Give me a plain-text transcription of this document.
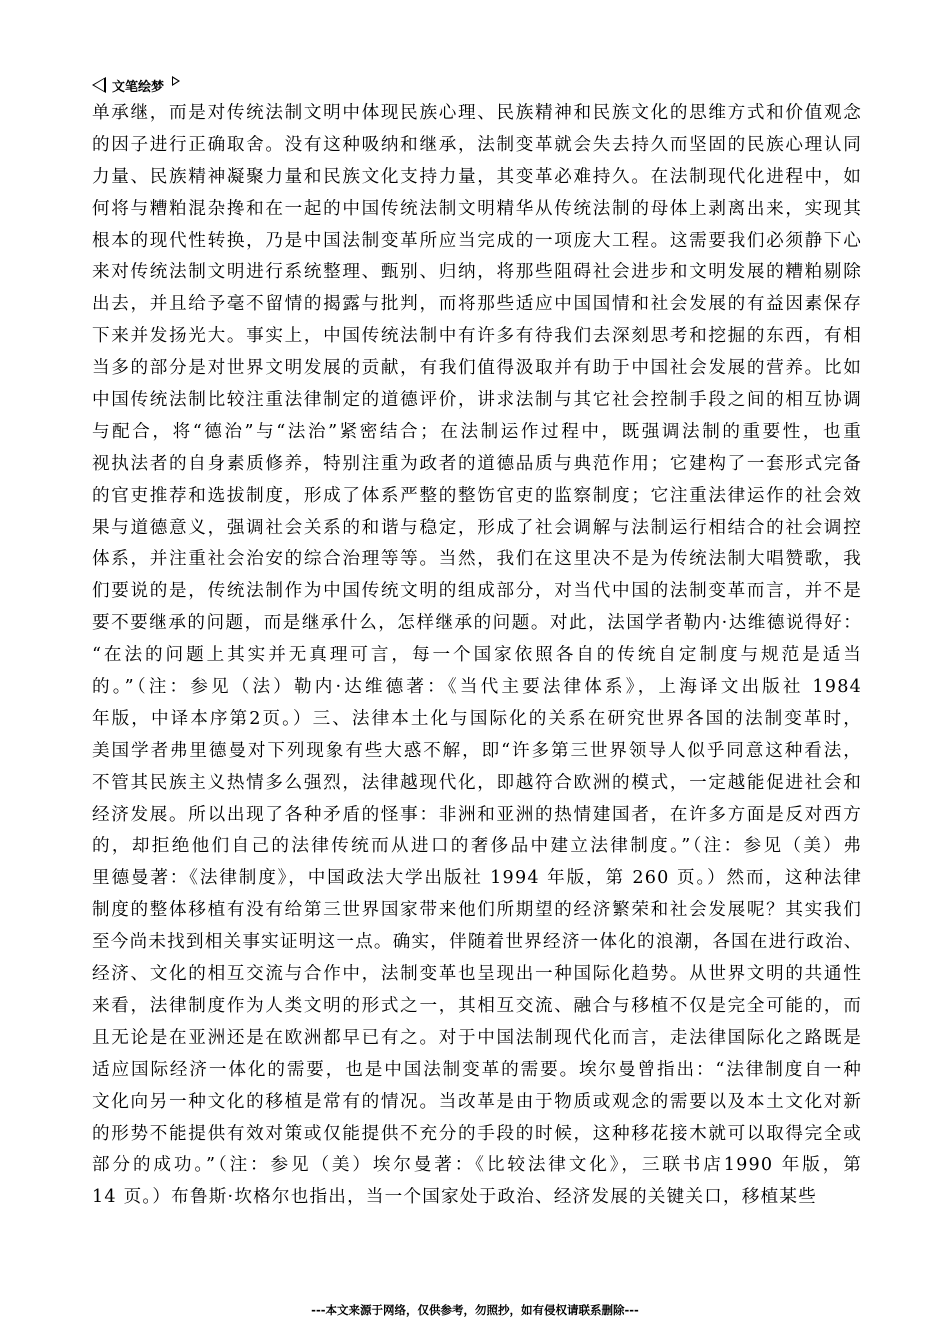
文笔绘梦
单承继，而是对传统法制文明中体现民族心理、民族精神和民族文化的思维方式和价值观念
的因子进行正确取舍。没有这种吸纳和继承，法制变革就会失去持久而坚固的民族心理认同
力量、民族精神凝聚力量和民族文化支持力量，其变革必难持久。在法制现代化进程中，如
何将与糟粕混杂搀和在一起的中国传统法制文明精华从传统法制的母体上剥离出来，实现其
根本的现代性转换，乃是中国法制变革所应当完成的一项庞大工程。这需要我们必须静下心
来对传统法制文明进行系统整理、甄别、归纳，将那些阻碍社会进步和文明发展的糟粕剔除
出去，并且给予毫不留情的揭露与批判，而将那些适应中国国情和社会发展的有益因素保存
下来并发扬光大。事实上，中国传统法制中有许多有待我们去深刻思考和挖掘的东西，有相
当多的部分是对世界文明发展的贡献，有我们值得汲取并有助于中国社会发展的营养。比如
中国传统法制比较注重法律制定的道德评价，讲求法制与其它社会控制手段之间的相互协调
与配合，将“德治”与“法治”紧密结合；在法制运作过程中，既强调法制的重要性，也重
视执法者的自身素质修养，特别注重为政者的道德品质与典范作用；它建构了一套形式完备
的官吏推荐和选拔制度，形成了体系严整的整饬官吏的监察制度；它注重法律运作的社会效
果与道德意义，强调社会关系的和谐与稳定，形成了社会调解与法制运行相结合的社会调控
体系，并注重社会治安的综合治理等等。当然，我们在这里决不是为传统法制大唱赞歌，我
们要说的是，传统法制作为中国传统文明的组成部分，对当代中国的法制变革而言，并不是
要不要继承的问题，而是继承什么，怎样继承的问题。对此，法国学者勒内·达维德说得好：
“在法的问题上其实并无真理可言，每一个国家依照各自的传统自定制度与规范是适当
的。”（注：参见（法）勒内·达维德著：《当代主要法律体系》，上海译文出版社 1984
年版，中译本序第2页。）三、法律本土化与国际化的关系在研究世界各国的法制变革时，
美国学者弗里德曼对下列现象有些大惑不解，即“许多第三世界领导人似乎同意这种看法，
不管其民族主义热情多么强烈，法律越现代化，即越符合欧洲的模式，一定越能促进社会和
经济发展。所以出现了各种矛盾的怪事：非洲和亚洲的热情建国者，在许多方面是反对西方
的，却拒绝他们自己的法律传统而从进口的奢侈品中建立法律制度。”（注：参见（美）弗
里德曼著：《法律制度》，中国政法大学出版社 1994 年版，第 260 页。）然而，这种法律
制度的整体移植有没有给第三世界国家带来他们所期望的经济繁荣和社会发展呢？其实我们
至今尚未找到相关事实证明这一点。确实，伴随着世界经济一体化的浪潮，各国在进行政治、
经济、文化的相互交流与合作中，法制变革也呈现出一种国际化趋势。从世界文明的共通性
来看，法律制度作为人类文明的形式之一，其相互交流、融合与移植不仅是完全可能的，而
且无论是在亚洲还是在欧洲都早已有之。对于中国法制现代化而言，走法律国际化之路既是
适应国际经济一体化的需要，也是中国法制变革的需要。埃尔曼曾指出：“法律制度自一种
文化向另一种文化的移植是常有的情况。当改革是由于物质或观念的需要以及本土文化对新
的形势不能提供有效对策或仅能提供不充分的手段的时候，这种移花接木就可以取得完全或
部分的成功。”（注：参见（美）埃尔曼著：《比较法律文化》，三联书店1990 年版，第
14 页。）布鲁斯·坎格尔也指出，当一个国家处于政治、经济发展的关键关口，移植某些
---本文来源于网络，仅供参考，勿照抄，如有侵权请联系删除---
